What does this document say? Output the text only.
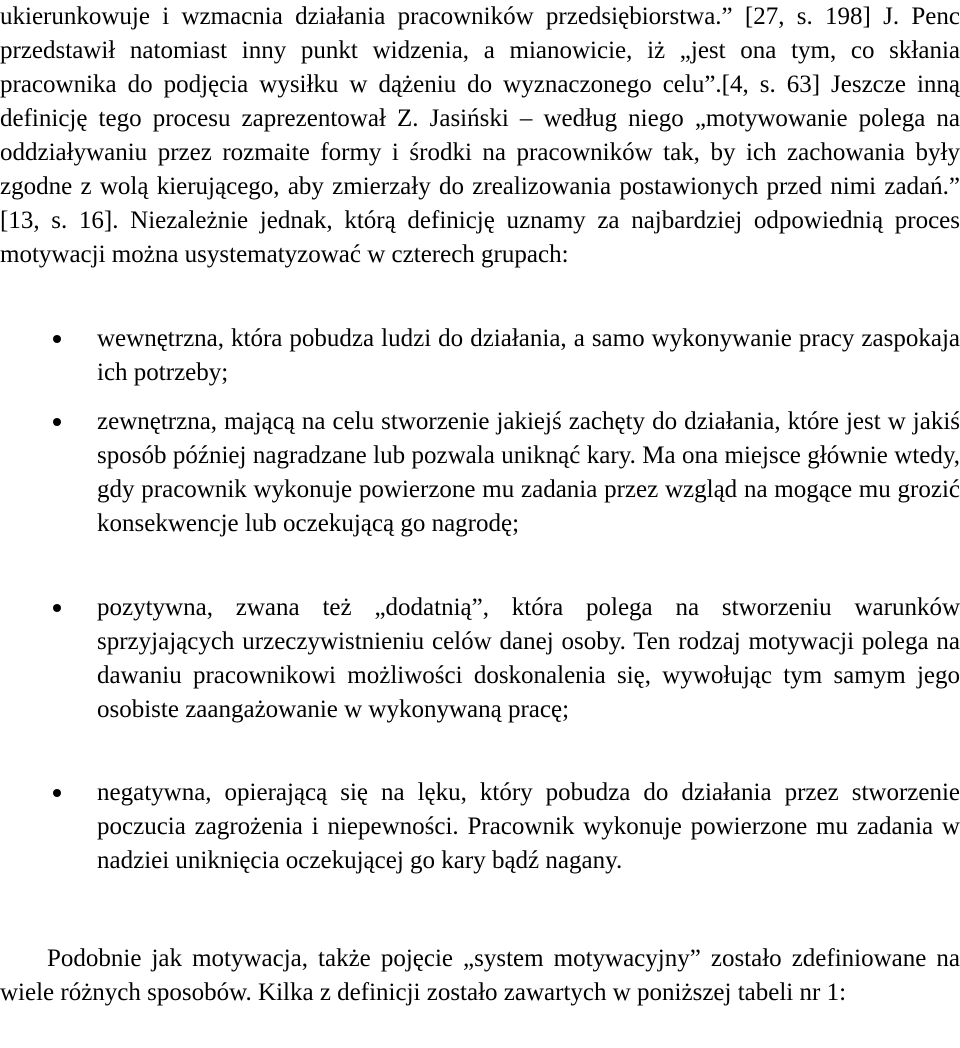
ukierunkowuje i wzmacnia działania pracowników przedsiębiorstwa.” [27, s. 198] J. Penc przedstawił natomiast inny punkt widzenia, a mianowicie, iż „jest ona tym, co skłania pracownika do podjęcia wysiłku w dążeniu do wyznaczonego celu”.[4, s. 63] Jeszcze inną definicję tego procesu zaprezentował Z. Jasiński – według niego „motywowanie polega na oddziaływaniu przez rozmaite formy i środki na pracowników tak, by ich zachowania były zgodne z wolą kierującego, aby zmierzały do zrealizowania postawionych przed nimi zadań.” [13, s. 16]. Niezależnie jednak, którą definicję uznamy za najbardziej odpowiednią proces motywacji można usystematyzować w czterech grupach:

wewnętrzna, która pobudza ludzi do działania, a samo wykonywanie pracy zaspokaja ich potrzeby;

zewnętrzna, mającą na celu stworzenie jakiejś zachęty do działania, które jest w jakiś sposób później nagradzane lub pozwala uniknąć kary. Ma ona miejsce głównie wtedy, gdy pracownik wykonuje powierzone mu zadania przez wzgląd na mogące mu grozić konsekwencje lub oczekującą go nagrodę;

pozytywna, zwana też „dodatnią”, która polega na stworzeniu warunków sprzyjających urzeczywistnieniu celów danej osoby. Ten rodzaj motywacji polega na dawaniu pracownikowi możliwości doskonalenia się, wywołując tym samym jego osobiste zaangażowanie w wykonywaną pracę;

negatywna, opierającą się na lęku, który pobudza do działania przez stworzenie poczucia zagrożenia i niepewności. Pracownik wykonuje powierzone mu zadania w nadziei uniknięcia oczekującej go kary bądź nagany.

Podobnie jak motywacja, także pojęcie „system motywacyjny” zostało zdefiniowane na wiele różnych sposobów. Kilka z definicji zostało zawartych w poniższej tabeli nr 1:
